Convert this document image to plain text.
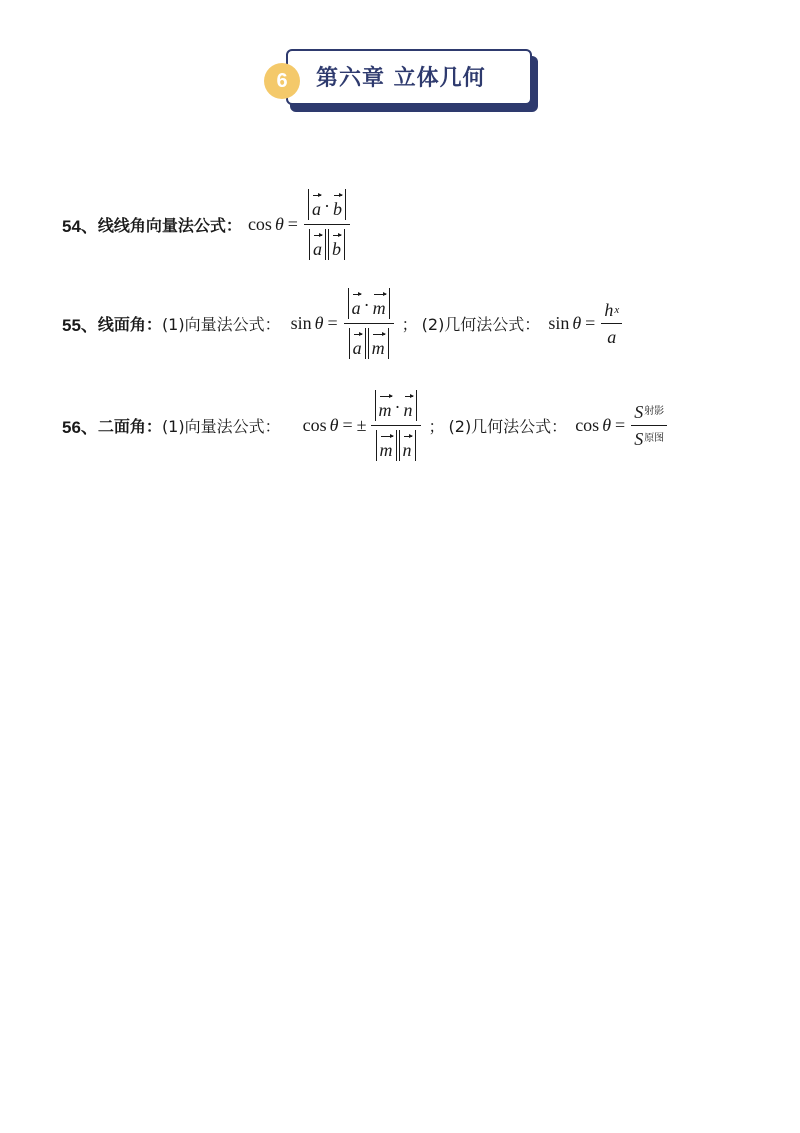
6	第六章 立体几何
54、 线线角向量法公式： $\cos \theta = \frac{a \cdot b}{\text{a b}}$
55、 线面角： (1)向量法公式： $\sin \theta = \frac{a \cdot m}{\text{a m}}$ ； (2)几何法公式： $\sin \theta = \frac{\text{h x}}{a}$
56、 二面角： (1)向量法公式： cos θ = ± $\frac{m \cdot n}{\text{m n}}$ ； (2)几何法公式： $\cos \theta = \frac{\text{S 射影}}{\text{S 原图}}$
